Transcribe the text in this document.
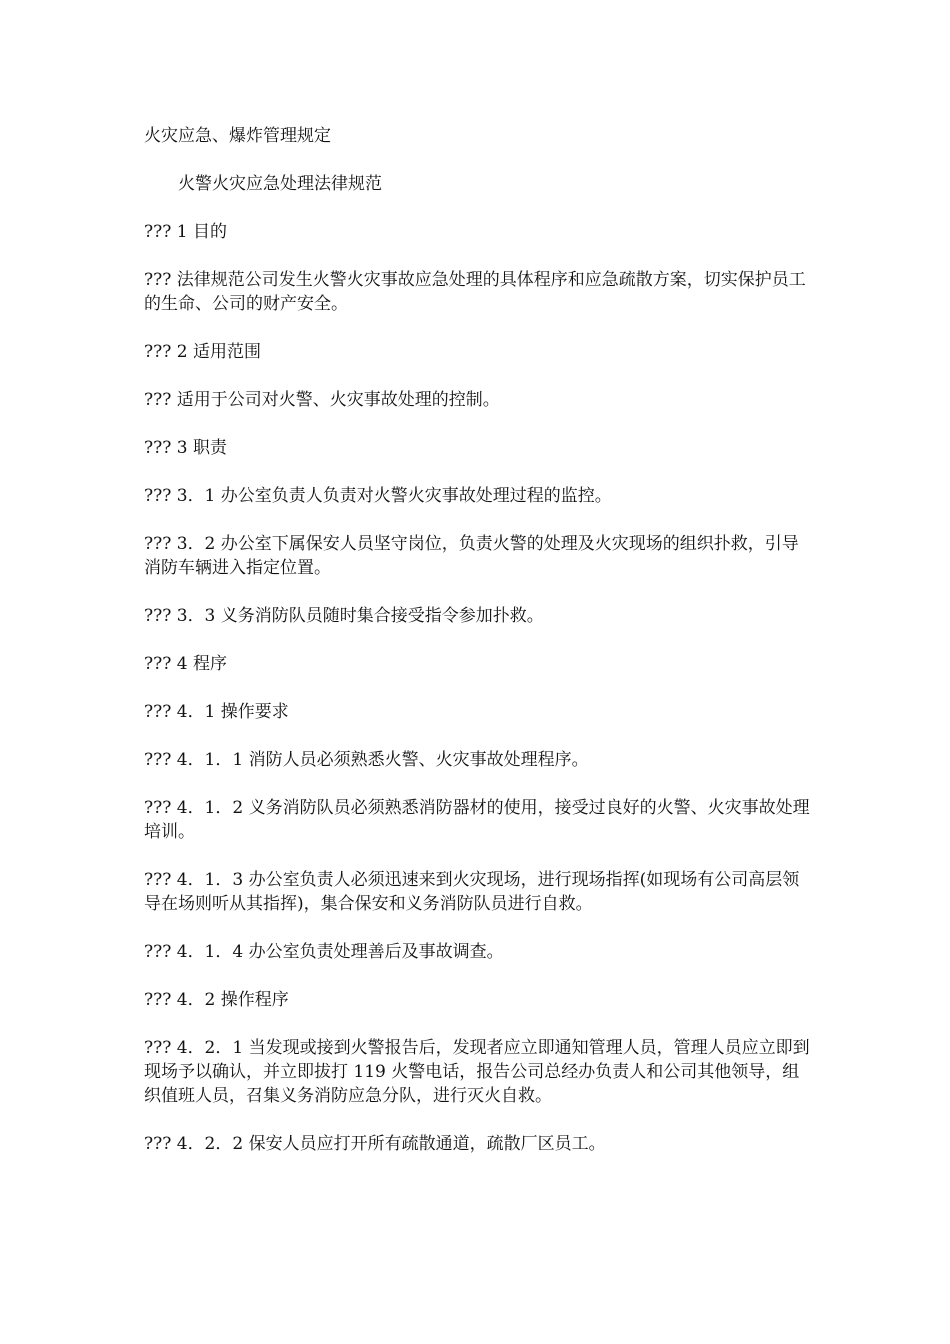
火灾应急、爆炸管理规定

火警火灾应急处理法律规范

??? 1 目的

??? 法律规范公司发生火警火灾事故应急处理的具体程序和应急疏散方案，切实保护员工的生命、公司的财产安全。

??? 2 适用范围

??? 适用于公司对火警、火灾事故处理的控制。

??? 3 职责

??? 3．1 办公室负责人负责对火警火灾事故处理过程的监控。

??? 3．2 办公室下属保安人员坚守岗位，负责火警的处理及火灾现场的组织扑救，引导消防车辆进入指定位置。

??? 3．3 义务消防队员随时集合接受指令参加扑救。

??? 4 程序

??? 4．1 操作要求

??? 4．1．1 消防人员必须熟悉火警、火灾事故处理程序。

??? 4．1．2 义务消防队员必须熟悉消防器材的使用，接受过良好的火警、火灾事故处理培训。

??? 4．1．3 办公室负责人必须迅速来到火灾现场，进行现场指挥(如现场有公司高层领导在场则听从其指挥)，集合保安和义务消防队员进行自救。

??? 4．1．4 办公室负责处理善后及事故调查。

??? 4．2 操作程序

??? 4．2．1 当发现或接到火警报告后，发现者应立即通知管理人员，管理人员应立即到现场予以确认，并立即拔打 119 火警电话，报告公司总经办负责人和公司其他领导，组织值班人员，召集义务消防应急分队，进行灭火自救。

??? 4．2．2 保安人员应打开所有疏散通道，疏散厂区员工。
